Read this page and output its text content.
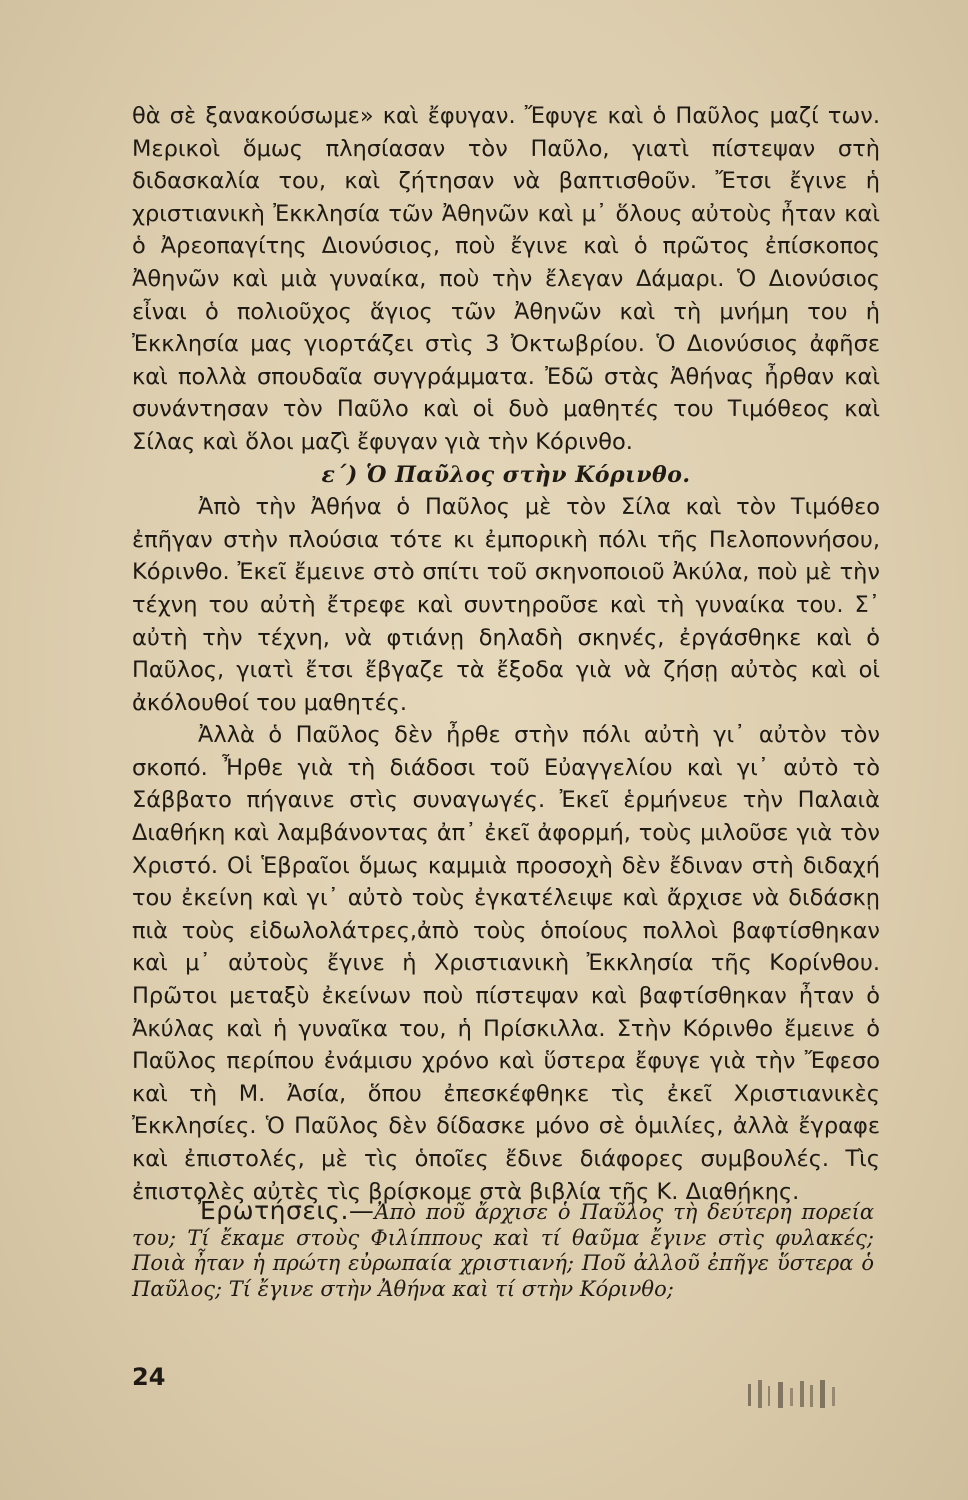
θὰ σὲ ξανακούσωμε» καὶ ἔφυγαν. Ἔφυγε καὶ ὁ Παῦλος μαζί των. Μερικοὶ ὅμως πλησίασαν τὸν Παῦλο, γιατὶ πίστεψαν στὴ διδασκαλία του, καὶ ζήτησαν νὰ βαπτισθοῦν. Ἔτσι ἔγινε ἡ χριστιανικὴ Ἐκκλησία τῶν Ἀθηνῶν καὶ μ᾿ ὅλους αὐτοὺς ἦταν καὶ ὁ Ἀρεοπαγίτης Διονύσιος, ποὺ ἔγινε καὶ ὁ πρῶτος ἐπίσκοπος Ἀθηνῶν καὶ μιὰ γυναίκα, ποὺ τὴν ἔλεγαν Δάμαρι. Ὁ Διονύσιος εἶναι ὁ πολιοῦχος ἅγιος τῶν Ἀθηνῶν καὶ τὴ μνήμη του ἡ Ἐκκλησία μας γιορτάζει στὶς 3 Ὀκτωβρίου. Ὁ Διονύσιος ἀφῆσε καὶ πολλὰ σπουδαῖα συγγράμματα. Ἐδῶ στὰς Ἀθήνας ἦρθαν καὶ συνάντησαν τὸν Παῦλο καὶ οἱ δυὸ μαθητές του Τιμόθεος καὶ Σίλας καὶ ὅλοι μαζὶ ἔφυγαν γιὰ τὴν Κόρινθο.

ε΄) Ὁ Παῦλος στὴν Κόρινθο.

Ἀπὸ τὴν Ἀθήνα ὁ Παῦλος μὲ τὸν Σίλα καὶ τὸν Τιμόθεο ἐπῆγαν στὴν πλούσια τότε κι ἐμπορικὴ πόλι τῆς Πελοποννήσου, Κόρινθο. Ἐκεῖ ἔμεινε στὸ σπίτι τοῦ σκηνοποιοῦ Ἀκύλα, ποὺ μὲ τὴν τέχνη του αὐτὴ ἔτρεφε καὶ συντηροῦσε καὶ τὴ γυναίκα του. Σ᾿ αὐτὴ τὴν τέχνη, νὰ φτιάνῃ δηλαδὴ σκηνές, ἐργάσθηκε καὶ ὁ Παῦλος, γιατὶ ἔτσι ἔβγαζε τὰ ἔξοδα γιὰ νὰ ζήσῃ αὐτὸς καὶ οἱ ἀκόλουθοί του μαθητές.

Ἀλλὰ ὁ Παῦλος δὲν ἦρθε στὴν πόλι αὐτὴ γι᾿ αὐτὸν τὸν σκοπό. Ἦρθε γιὰ τὴ διάδοσι τοῦ Εὐαγγελίου καὶ γι᾿ αὐτὸ τὸ Σάββατο πήγαινε στὶς συναγωγές. Ἐκεῖ ἑρμήνευε τὴν Παλαιὰ Διαθήκη καὶ λαμβάνοντας ἀπ᾿ ἐκεῖ ἀφορμή, τοὺς μιλοῦσε γιὰ τὸν Χριστό. Οἱ Ἑβραῖοι ὅμως καμμιὰ προσοχὴ δὲν ἔδιναν στὴ διδαχή του ἐκείνη καὶ γι᾿ αὐτὸ τοὺς ἐγκατέλειψε καὶ ἄρχισε νὰ διδάσκῃ πιὰ τοὺς εἰδωλολάτρες,ἀπὸ τοὺς ὁποίους πολλοὶ βαφτίσθηκαν καὶ μ᾿ αὐτοὺς ἔγινε ἡ Χριστιανικὴ Ἐκκλησία τῆς Κορίνθου. Πρῶτοι μεταξὺ ἐκείνων ποὺ πίστεψαν καὶ βαφτίσθηκαν ἦταν ὁ Ἀκύλας καὶ ἡ γυναῖκα του, ἡ Πρίσκιλλα. Στὴν Κόρινθο ἔμεινε ὁ Παῦλος περίπου ἐνάμισυ χρόνο καὶ ὕστερα ἔφυγε γιὰ τὴν Ἔφεσο καὶ τὴ Μ. Ἀσία, ὅπου ἐπεσκέφθηκε τὶς ἐκεῖ Χριστιανικὲς Ἐκκλησίες. Ὁ Παῦλος δὲν δίδασκε μόνο σὲ ὁμιλίες, ἀλλὰ ἔγραφε καὶ ἐπιστολές, μὲ τὶς ὁποῖες ἔδινε διάφορες συμβουλές. Τὶς ἐπιστολὲς αὐτὲς τὶς βρίσκομε στὰ βιβλία τῆς Κ. Διαθήκης.

Ἐρωτήσεις.—Ἀπὸ ποῦ ἄρχισε ὁ Παῦλος τὴ δεύτερη πορεία του; Τί ἔκαμε στοὺς Φιλίππους καὶ τί θαῦμα ἔγινε στὶς φυλακές; Ποιὰ ἦταν ἡ πρώτη εὐρωπαία χριστιανή; Ποῦ ἀλλοῦ ἐπῆγε ὕστερα ὁ Παῦλος; Τί ἔγινε στὴν Ἀθήνα καὶ τί στὴν Κόρινθο;
24
